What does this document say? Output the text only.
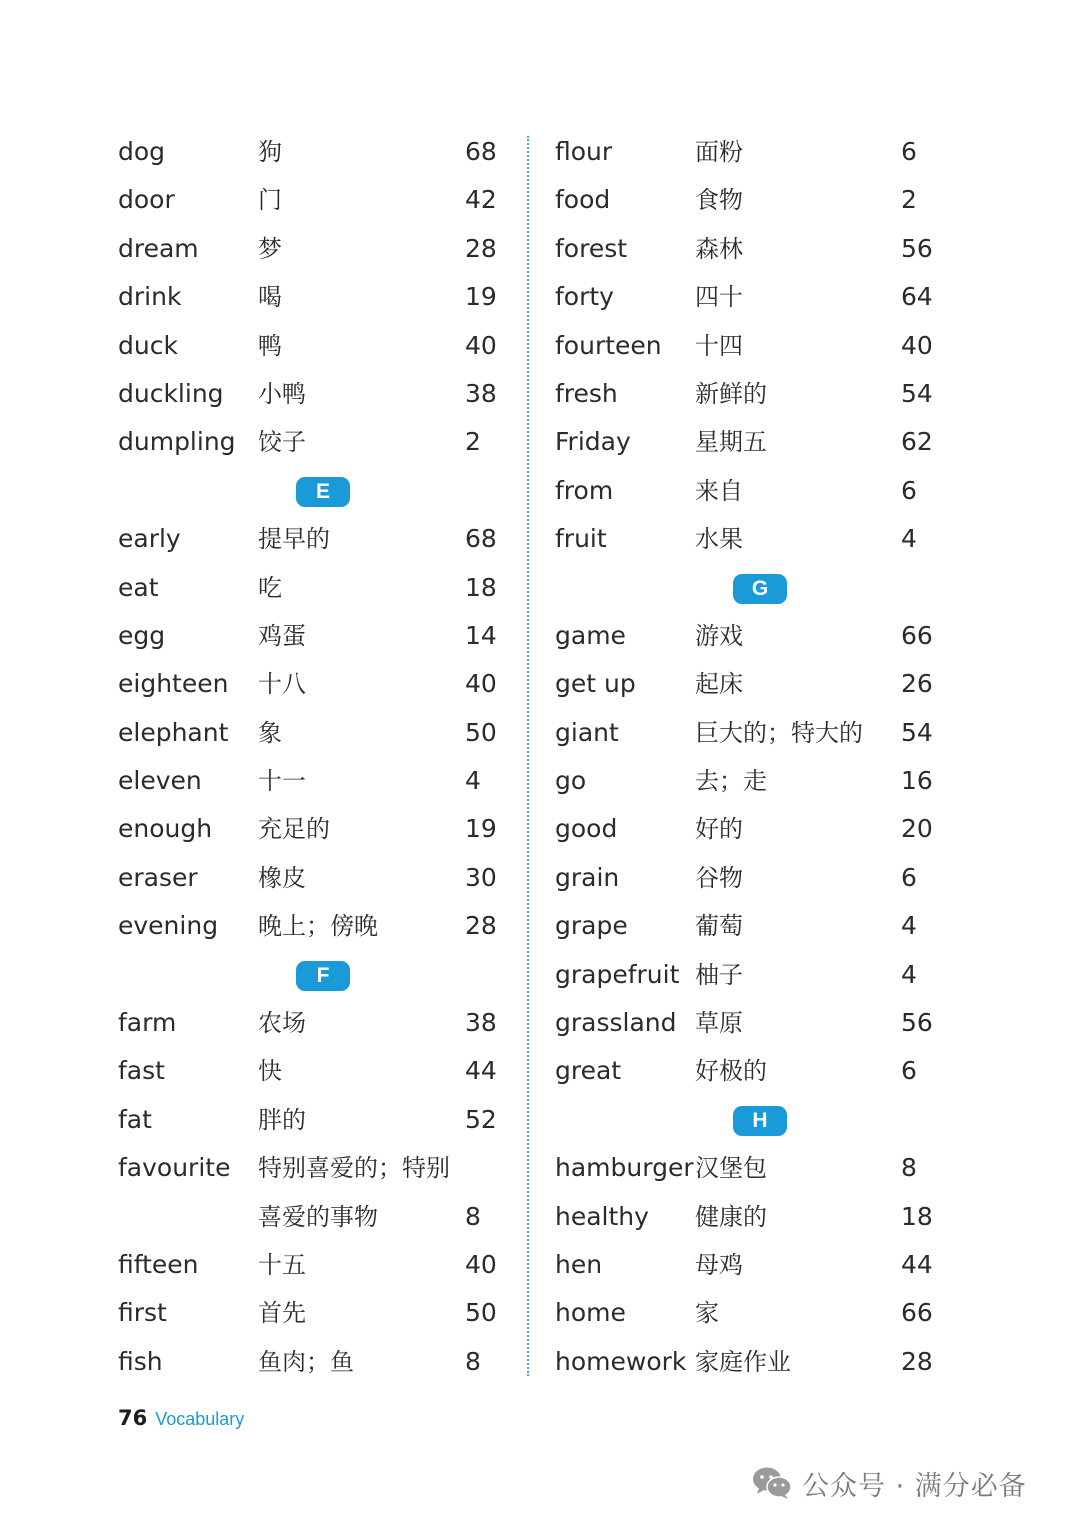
dog	狗	68
door	门	42
dream 梦	28
drink	喝	19
duck	鸭	40
duckling 小鸭	38
dumpling 饺子	2
E
early	提早的	68
eat	吃	18
egg	鸡蛋	14
eighteen 十八	40
elephant 象	50
eleven 十一	4
enough 充足的	19
eraser	橡皮	30
evening 晚上；傍晚	28
F
farm	农场	38
fast	快	44
fat	胖的	52
favourite 特别喜爱的；特别
喜爱的事物	8
fifteen 十五	40
first	首先	50
fish	鱼肉；鱼	8
flour	面粉	6
food	食物	2
forest	森林	56
forty	四十	64
fourteen 十四	40
fresh	新鲜的	54
Friday	星期五	62
from	来自	6
fruit	水果	4
G
game	游戏	66
get up 起床	26
giant	巨大的；特大的 54
go	去；走	16
good	好的	20
grain	谷物	6
grape	葡萄	4
grapefruit 柚子	4
grassland 草原	56
great	好极的	6
H
hamburger 汉堡包	8
healthy 健康的	18
hen	母鸡	44
home	家	66
homework 家庭作业	28
76 Vocabulary
公众号 · 满分必备
